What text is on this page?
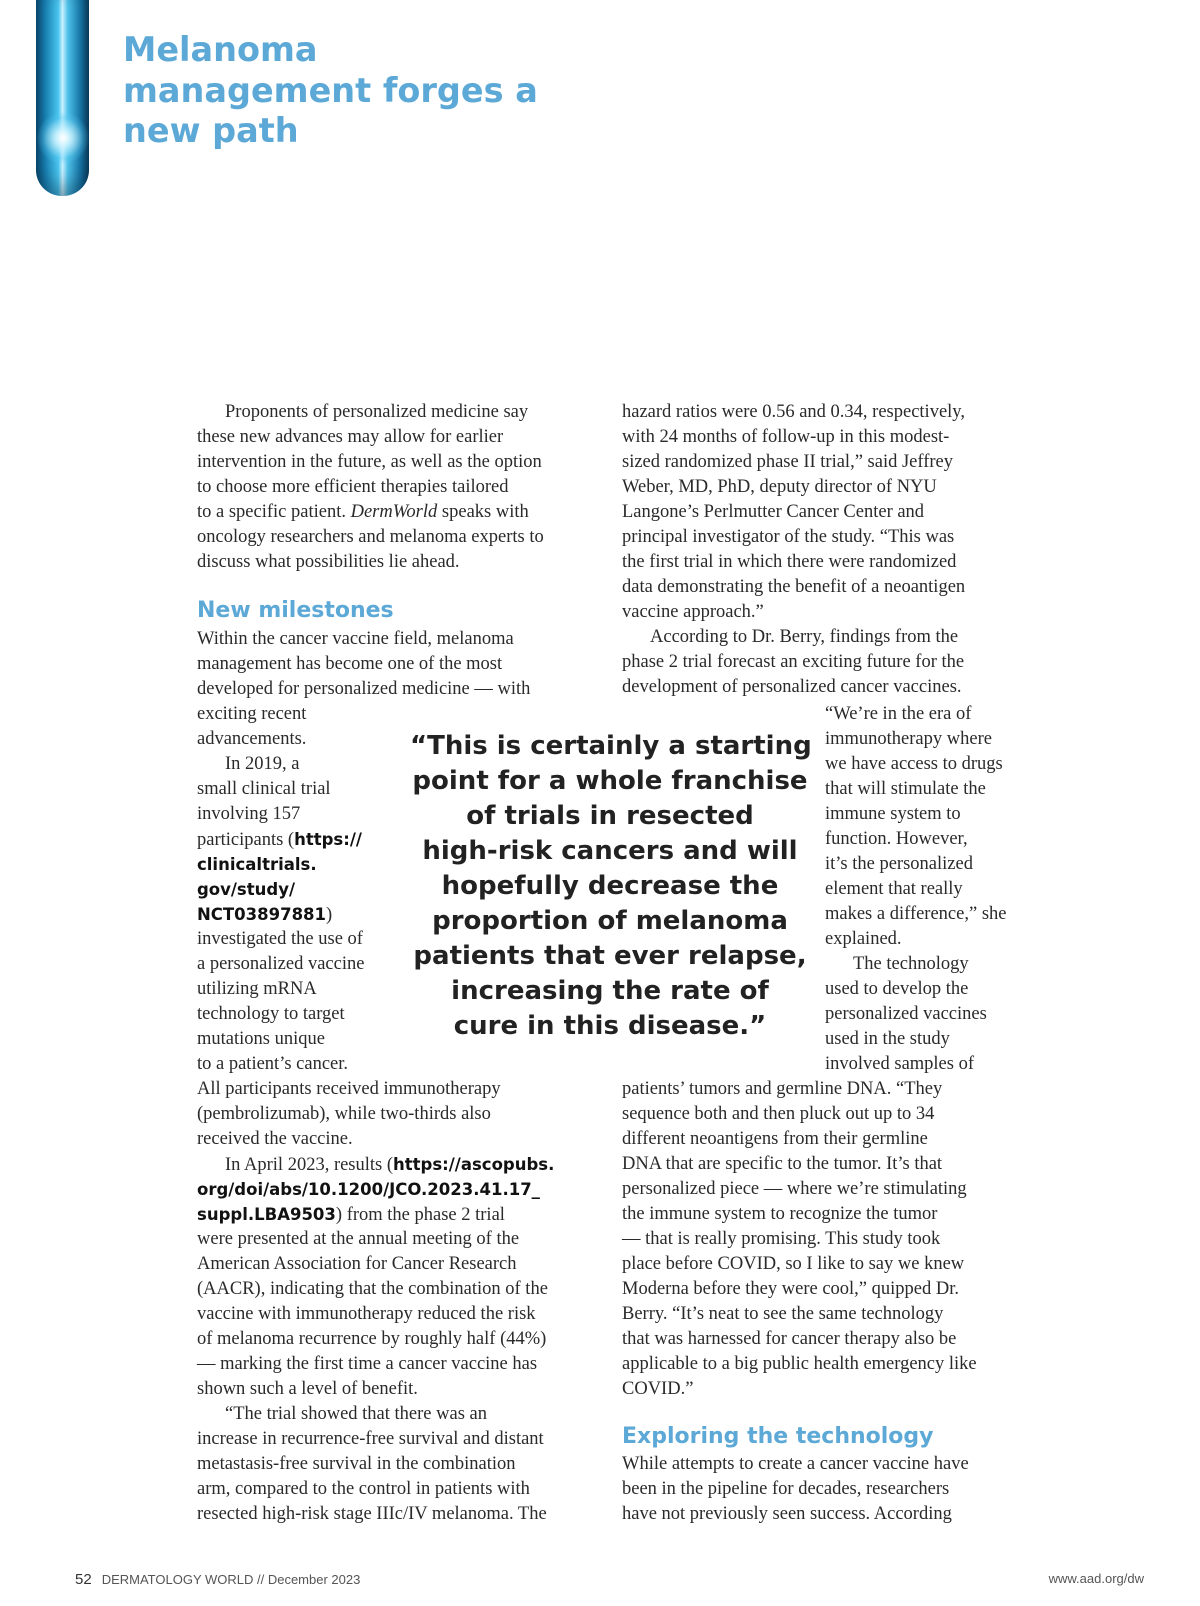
Melanoma management forges a new path
Proponents of personalized medicine say
these new advances may allow for earlier
intervention in the future, as well as the option
to choose more efficient therapies tailored
to a specific patient. DermWorld speaks with
oncology researchers and melanoma experts to
discuss what possibilities lie ahead.
New milestones
Within the cancer vaccine field, melanoma
management has become one of the most
developed for personalized medicine — with
exciting recent
advancements.
In 2019, a
small clinical trial
involving 157
participants (https://
clinicaltrials.
gov/study/
NCT03897881)
investigated the use of
a personalized vaccine
utilizing mRNA
technology to target
mutations unique
to a patient’s cancer.
All participants received immunotherapy
(pembrolizumab), while two-thirds also
received the vaccine.
In April 2023, results (https://ascopubs.
org/doi/abs/10.1200/JCO.2023.41.17_
suppl.LBA9503) from the phase 2 trial
were presented at the annual meeting of the
American Association for Cancer Research
(AACR), indicating that the combination of the
vaccine with immunotherapy reduced the risk
of melanoma recurrence by roughly half (44%)
— marking the first time a cancer vaccine has
shown such a level of benefit.
“The trial showed that there was an
increase in recurrence-free survival and distant
metastasis-free survival in the combination
arm, compared to the control in patients with
resected high-risk stage IIIc/IV melanoma. The
hazard ratios were 0.56 and 0.34, respectively,
with 24 months of follow-up in this modest-
sized randomized phase II trial,” said Jeffrey
Weber, MD, PhD, deputy director of NYU
Langone’s Perlmutter Cancer Center and
principal investigator of the study. “This was
the first trial in which there were randomized
data demonstrating the benefit of a neoantigen
vaccine approach.”
According to Dr. Berry, findings from the
phase 2 trial forecast an exciting future for the
development of personalized cancer vaccines.
“We’re in the era of
immunotherapy where
we have access to drugs
that will stimulate the
immune system to
function. However,
it’s the personalized
element that really
makes a difference,” she
explained.
The technology
used to develop the
personalized vaccines
used in the study
involved samples of
patients’ tumors and germline DNA. “They
sequence both and then pluck out up to 34
different neoantigens from their germline
DNA that are specific to the tumor. It’s that
personalized piece — where we’re stimulating
the immune system to recognize the tumor
— that is really promising. This study took
place before COVID, so I like to say we knew
Moderna before they were cool,” quipped Dr.
Berry. “It’s neat to see the same technology
that was harnessed for cancer therapy also be
applicable to a big public health emergency like
COVID.”
Exploring the technology
While attempts to create a cancer vaccine have
been in the pipeline for decades, researchers
have not previously seen success. According
“This is certainly a starting
point for a whole franchise
of trials in resected
high-risk cancers and will
hopefully decrease the
proportion of melanoma
patients that ever relapse,
increasing the rate of
cure in this disease.”
52 DERMATOLOGY WORLD // December 2023	www.aad.org/dw
